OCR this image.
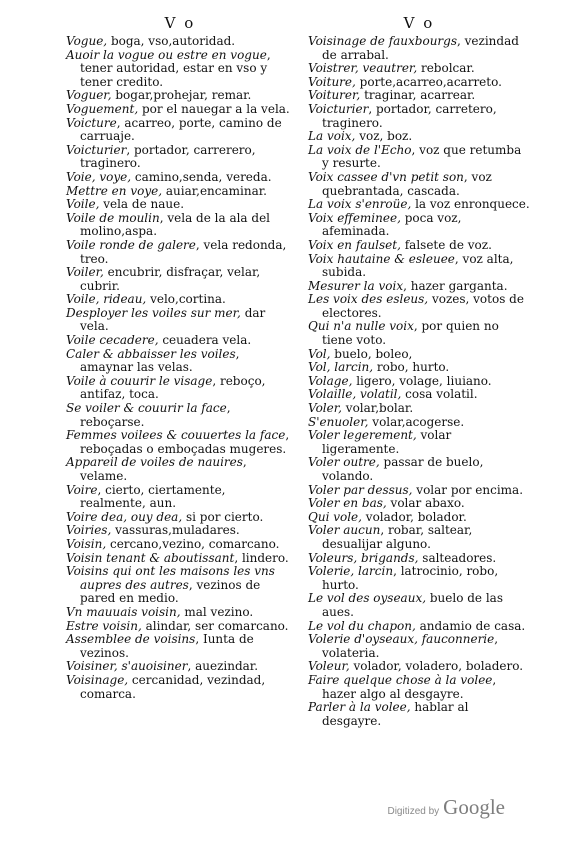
V o

Vogue, boga, vso,autoridad.

Auoir la vogue ou estre en vogue, tener autoridad, estar en vso y tener credito.

Voguer, bogar,prohejar, remar.

Voguement, por el nauegar a la vela.

Voicture, acarreo, porte, camino de carruaje.

Voicturier, portador, carrerero, traginero.

Voie, voye, camino,senda, vereda.

Mettre en voye, auiar,encaminar.

Voile, vela de naue.

Voile de moulin, vela de la ala del molino,aspa.

Voile ronde de galere, vela redonda, treo.

Voiler, encubrir, disfraçar, velar, cubrir.

Voile, rideau, velo,cortina.

Desployer les voiles sur mer, dar vela.

Voile cecadere, ceuadera vela.

Caler & abbaisser les voiles, amaynar las velas.

Voile à couurir le visage, reboço, antifaz, toca.

Se voiler & couurir la face, reboçarse.

Femmes voilees & couuertes la face, reboçadas o emboçadas mugeres.

Appareil de voiles de nauires, velame.

Voire, cierto, ciertamente, realmente, aun.

Voire dea, ouy dea, si por cierto.

Voiries, vassuras,muladares.

Voisin, cercano,vezino, comarcano.

Voisin tenant & aboutissant, lindero.

Voisins qui ont les maisons les vns aupres des autres, vezinos de pared en medio.

Vn mauuais voisin, mal vezino.

Estre voisin, alindar, ser comarcano.

Assemblee de voisins, Iunta de vezinos.

Voisiner, s'auoisiner, auezindar.

Voisinage, cercanidad, vezindad, comarca.

V o

Voisinage de fauxbourgs, vezindad de arrabal.

Voistrer, veautrer, rebolcar.

Voiture, porte,acarreo,acarreto.

Voiturer, traginar, acarrear.

Voicturier, portador, carretero, traginero.

La voix, voz, boz.

La voix de l'Echo, voz que retumba y resurte.

Voix cassee d'vn petit son, voz quebrantada, cascada.

La voix s'enroüe, la voz enronquece.

Voix effeminee, poca voz, afeminada.

Voix en faulset, falsete de voz.

Voix hautaine & esleuee, voz alta, subida.

Mesurer la voix, hazer garganta.

Les voix des esleus, vozes, votos de electores.

Qui n'a nulle voix, por quien no tiene voto.

Vol, buelo, boleo,

Vol, larcin, robo, hurto.

Volage, ligero, volage, liuiano.

Volaille, volatil, cosa volatil.

Voler, volar,bolar.

S'enuoler, volar,acogerse.

Voler legerement, volar ligeramente.

Voler outre, passar de buelo, volando.

Voler par dessus, volar por encima.

Voler en bas, volar abaxo.

Qui vole, volador, bolador.

Voler aucun, robar, saltear, desualijar alguno.

Voleurs, brigands, salteadores.

Volerie, larcin, latrocinio, robo, hurto.

Le vol des oyseaux, buelo de las aues.

Le vol du chapon, andamio de casa.

Volerie d'oyseaux, fauconnerie, volateria.

Voleur, volador, voladero, boladero.

Faire quelque chose à la volee, hazer algo al desgayre.

Parler à la volee, hablar al desgayre.

Digitized by Google
